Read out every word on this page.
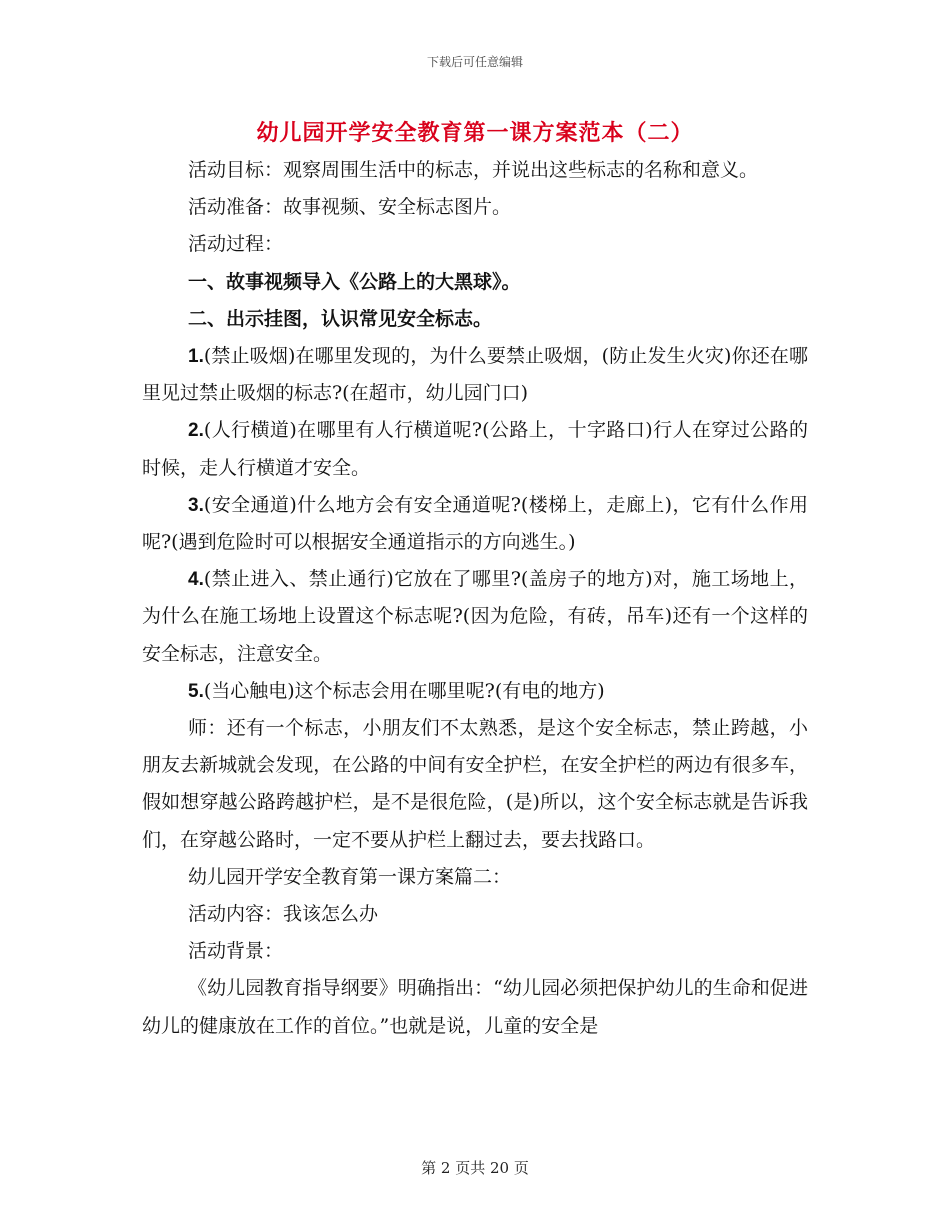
下载后可任意编辑
幼儿园开学安全教育第一课方案范本（二）

活动目标：观察周围生活中的标志，并说出这些标志的名称和意义。

活动准备：故事视频、安全标志图片。

活动过程：

一、故事视频导入《公路上的大黑球》。

二、出示挂图，认识常见安全标志。

1.(禁止吸烟)在哪里发现的，为什么要禁止吸烟，(防止发生火灾)你还在哪里见过禁止吸烟的标志?(在超市，幼儿园门口)

2.(人行横道)在哪里有人行横道呢?(公路上，十字路口)行人在穿过公路的时候，走人行横道才安全。

3.(安全通道)什么地方会有安全通道呢?(楼梯上，走廊上)，它有什么作用呢?(遇到危险时可以根据安全通道指示的方向逃生。)

4.(禁止进入、禁止通行)它放在了哪里?(盖房子的地方)对，施工场地上，为什么在施工场地上设置这个标志呢?(因为危险，有砖，吊车)还有一个这样的安全标志，注意安全。

5.(当心触电)这个标志会用在哪里呢?(有电的地方)

师：还有一个标志，小朋友们不太熟悉，是这个安全标志，禁止跨越，小朋友去新城就会发现，在公路的中间有安全护栏，在安全护栏的两边有很多车，假如想穿越公路跨越护栏，是不是很危险，(是)所以，这个安全标志就是告诉我们，在穿越公路时，一定不要从护栏上翻过去，要去找路口。

幼儿园开学安全教育第一课方案篇二：

活动内容：我该怎么办

活动背景：

《幼儿园教育指导纲要》明确指出：“幼儿园必须把保护幼儿的生命和促进幼儿的健康放在工作的首位。”也就是说，儿童的安全是

第 2 页共 20 页
